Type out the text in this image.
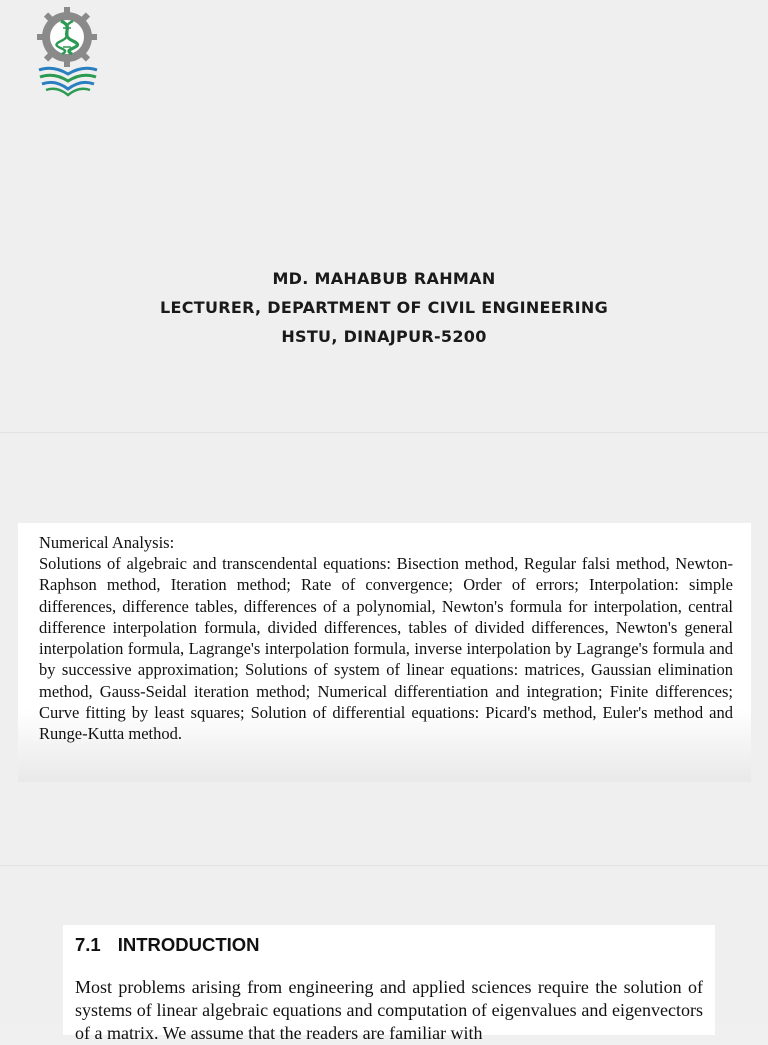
MD. MAHABUB RAHMAN
LECTURER, DEPARTMENT OF CIVIL ENGINEERING
HSTU, DINAJPUR-5200
Numerical Analysis:
Solutions of algebraic and transcendental equations: Bisection method, Regular falsi method, Newton-Raphson method, Iteration method; Rate of convergence; Order of errors; Interpolation: simple differences, difference tables, differences of a polynomial, Newton's formula for interpolation, central difference interpolation formula, divided differences, tables of divided differences, Newton's general interpolation formula, Lagrange's interpolation formula, inverse interpolation by Lagrange's formula and by successive approximation; Solutions of system of linear equations: matrices, Gaussian elimination method, Gauss-Seidal iteration method; Numerical differentiation and integration; Finite differences; Curve fitting by least squares; Solution of differential equations: Picard's method, Euler's method and Runge-Kutta method.
7.1 INTRODUCTION
Most problems arising from engineering and applied sciences require the solution of systems of linear algebraic equations and computation of eigenvalues and eigenvectors of a matrix. We assume that the readers are familiar with
